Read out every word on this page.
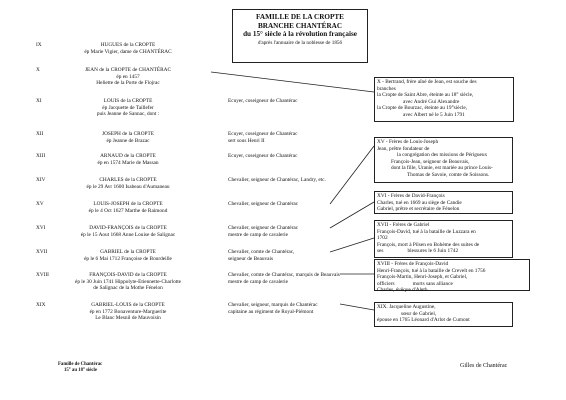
FAMILLE DE LA CROPTE
BRANCHE CHANTÉRAC
du 15° siècle à la révolution française
d'après l'annuaire de la noblesse de 1856
IX	HUGUES de la CROPTE
ép Marie Vigier, dame de CHANTÉRAC
X	JEAN de la CROPTE de CHANTÉRAC
ép en 1457
Heliette de la Porte de Flojrac
XI	LOUIS de la CROPTE
ép Jacquette de Taillefer
puis Jeanne de Sannac, dont :
Ecuyer, coseigneur de Chantérac
XII	JOSEPH de la CROPTE
ép Jeanne de Brazac
Ecuyer, coseigneur de Chantérac
sert sous Henri II
XIII	ARNAUD de la CROPTE
ép en 1574 Marie de Massan
Ecuyer, coseigneur de Chantérac
XIV	CHARLES de la CROPTE
ép le 29 Avr 1600 Isabeau d'Aumaneau
Chevalier, seigneur de Chantérac, Landry, etc.
XV	LOUIS-JOSEPH de la CROPTE
ép le 4 Oct 1627 Marthe de Raimond
Chevalier, seigneur de Chantérac
XVI	DAVID-FRANÇOIS de la CROPTE
ép le 15 Aout 1668 Anne Louise de Salignac
Chevalier, seigneur de Chantérac
mestre de camp de cavalerie
XVII	GABRIEL de la CROPTE
ép le 6 Mai 1712 Françoise de Bourdeille
Chevalier, comte de Chantérac,
seigneur de Beauvais
XVIII	FRANÇOIS-DAVID de la CROPTE
ép le 30 Juin 1741 Hippolyte-Etiennette-Charlotte
de Salignac de la Mothe Fénelon
Chevalier, comte de Chantérac, marquis de Beauvais
mestre de camp de cavalerie
XIX	GABRIEL-LOUIS de la CROPTE
ép en 1772 Bonaventure-Marguerite
Le Blanc Mesnil de Mauvoisin
Chevalier, seigneur, marquis de Chantérac
capitaine au régiment de Royal-Piémont
X - Bertrand, frère aîné de Jean, est souche des
branches
la Cropte de Saint Abre, éteinte au 18° siècle,
avec André Gui Alexandre
la Cropte de Bourzac, éteinte au 19°siècle,
avec Albert né le 5 Juin 1791
XV - Frères de Louis-Joseph
Jean, prêtre fondateur de
la congrégation des missions de Périgueux
François-Jean, seigneur de Beauvais,
dont la fille, Uranie, est mariée au prince Louis-
Thomas de Savoie, comte de Soissons.
XVI - Frères de David-François
Charles, tué en 1669 au siège de Candie
Gabriel, prêtre et secrétaire de Fénelon
XVII - Frères de Gabriel
François-David, tué à la bataille de Luzzara en
1702
François, mort à Pilsen en Bohème des suites de
ses	blessures le 6 Juin 1742
XVIII - Frères de François-David
Henri-François, tué à la bataille de Crevelt en 1756
François-Martin, Henri-Joseph, et Gabriel,
officiers	morts sans alliance
Charles, évêque d'Aleth
XIX. Jacqueline Augustine,
sœur de Gabriel,
épouse en 1765 Léonard d'Arlot de Cumont
Famille de Chantérac
15° au 18° siècle
Gilles de Chantérac
